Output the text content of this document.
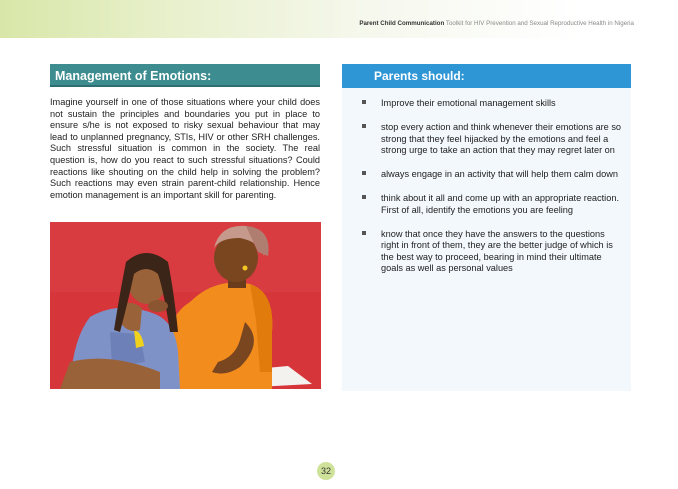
Parent Child Communication Toolkit for HIV Prevention and Sexual Reproductive Health in Nigeria
Management of Emotions:

Imagine yourself in one of those situations where your child does not sustain the principles and boundaries you put in place to ensure s/he is not exposed to risky sexual behaviour that may lead to unplanned pregnancy, STIs, HIV or other SRH challenges. Such stressful situation is common in the society. The real question is, how do you react to such stressful situations? Could reactions like shouting on the child help in solving the problem? Such reactions may even strain parent-child relationship. Hence emotion management is an important skill for parenting.

Parents should:
Improve their emotional management skills
stop every action and think whenever their emotions are so strong that they feel hijacked by the emotions and feel a strong urge to take an action that they may regret later on
always engage in an activity that will help them calm down
think about it all and come up with an appropriate reaction. First of all, identify the emotions you are feeling
know that once they have the answers to the questions right in front of them, they are the better judge of which is the best way to proceed, bearing in mind their ultimate goals as well as personal values
32
